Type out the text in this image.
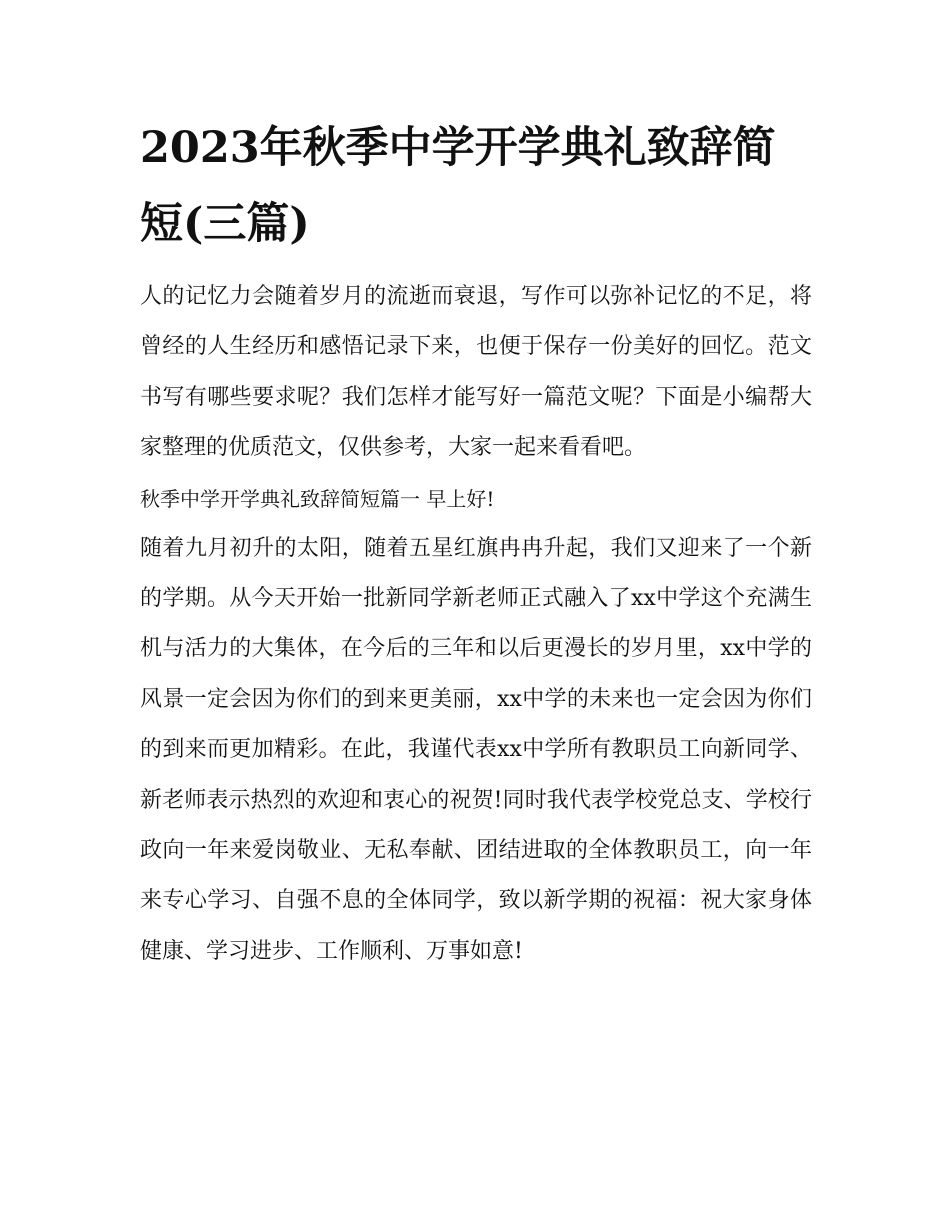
2023年秋季中学开学典礼致辞简短(三篇)

人的记忆力会随着岁月的流逝而衰退，写作可以弥补记忆的不足，将曾经的人生经历和感悟记录下来，也便于保存一份美好的回忆。范文书写有哪些要求呢？我们怎样才能写好一篇范文呢？下面是小编帮大家整理的优质范文，仅供参考，大家一起来看看吧。

秋季中学开学典礼致辞简短篇一 早上好!

随着九月初升的太阳，随着五星红旗冉冉升起，我们又迎来了一个新的学期。从今天开始一批新同学新老师正式融入了xx中学这个充满生机与活力的大集体，在今后的三年和以后更漫长的岁月里，xx中学的风景一定会因为你们的到来更美丽，xx中学的未来也一定会因为你们的到来而更加精彩。在此，我谨代表xx中学所有教职员工向新同学、新老师表示热烈的欢迎和衷心的祝贺!同时我代表学校党总支、学校行政向一年来爱岗敬业、无私奉献、团结进取的全体教职员工，向一年来专心学习、自强不息的全体同学，致以新学期的祝福：祝大家身体健康、学习进步、工作顺利、万事如意!
